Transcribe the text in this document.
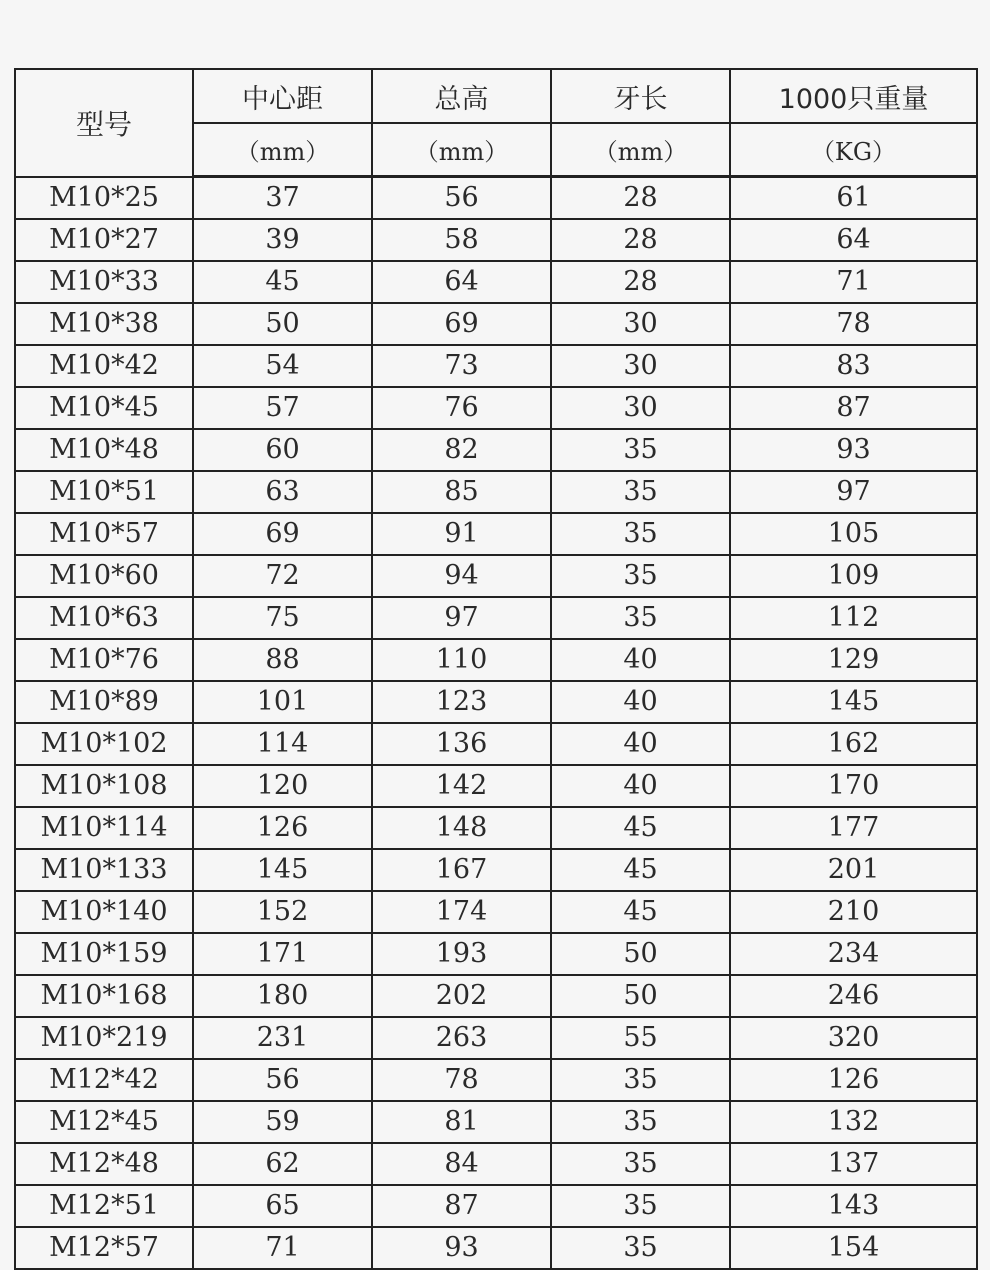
型号	中心距	总高	牙长	1000只重量
	（mm）	（mm）	（mm）	（KG）
M10*25	37	56	28	61
M10*27	39	58	28	64
M10*33	45	64	28	71
M10*38	50	69	30	78
M10*42	54	73	30	83
M10*45	57	76	30	87
M10*48	60	82	35	93
M10*51	63	85	35	97
M10*57	69	91	35	105
M10*60	72	94	35	109
M10*63	75	97	35	112
M10*76	88	110	40	129
M10*89	101	123	40	145
M10*102	114	136	40	162
M10*108	120	142	40	170
M10*114	126	148	45	177
M10*133	145	167	45	201
M10*140	152	174	45	210
M10*159	171	193	50	234
M10*168	180	202	50	246
M10*219	231	263	55	320
M12*42	56	78	35	126
M12*45	59	81	35	132
M12*48	62	84	35	137
M12*51	65	87	35	143
M12*57	71	93	35	154
